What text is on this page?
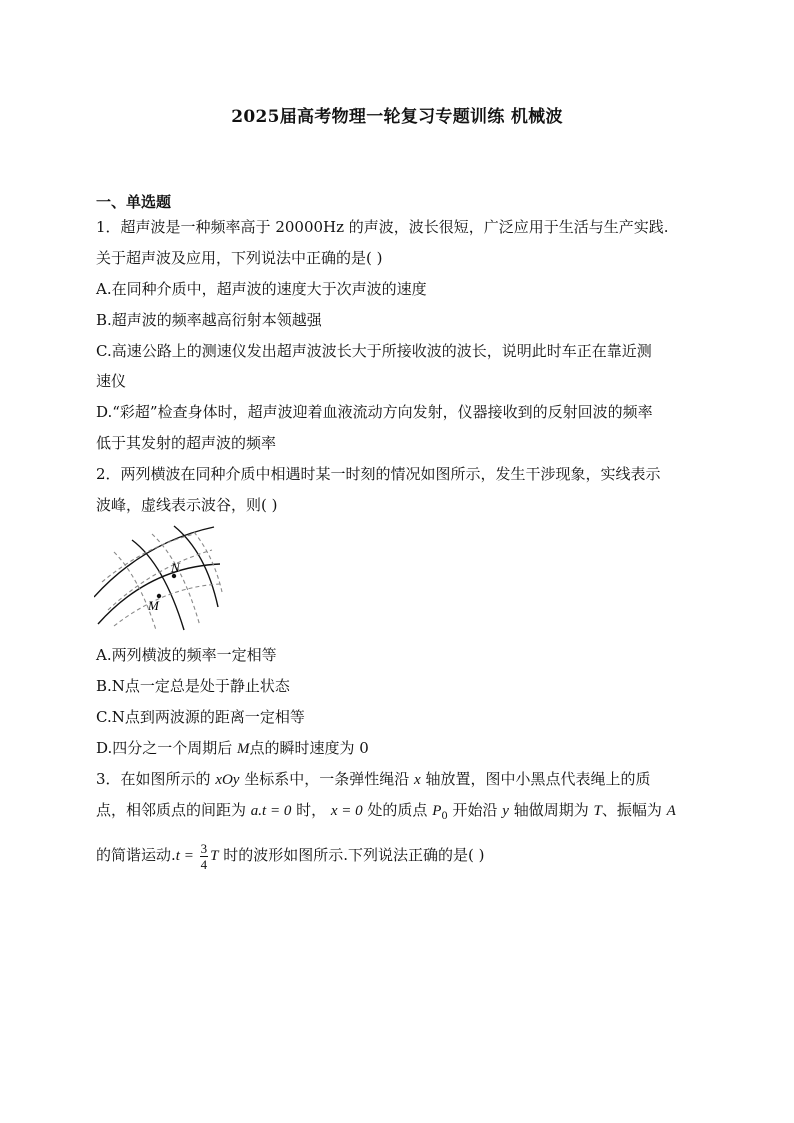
2025届高考物理一轮复习专题训练 机械波
一、单选题
1．超声波是一种频率高于 20000Hz 的声波，波长很短，广泛应用于生活与生产实践.
关于超声波及应用，下列说法中正确的是( )
A.在同种介质中，超声波的速度大于次声波的速度
B.超声波的频率越高衍射本领越强
C.高速公路上的测速仪发出超声波波长大于所接收波的波长，说明此时车正在靠近测
速仪
D.“彩超”检查身体时，超声波迎着血液流动方向发射，仪器接收到的反射回波的频率
低于其发射的超声波的频率
2．两列横波在同种介质中相遇时某一时刻的情况如图所示，发生干涉现象，实线表示
波峰，虚线表示波谷，则( )
N
M
A.两列横波的频率一定相等
B.N点一定总是处于静止状态
C.N点到两波源的距离一定相等
D.四分之一个周期后 M点的瞬时速度为 0
3．在如图所示的 xOy 坐标系中，一条弹性绳沿 x 轴放置，图中小黑点代表绳上的质
点，相邻质点的间距为 a.t = 0 时， x = 0 处的质点 $P_0$ 开始沿 y 轴做周期为 T、振幅为 A
的简谐运动$.t = \frac{3}{4}$ T 时的波形如图所示.下列说法正确的是( )
